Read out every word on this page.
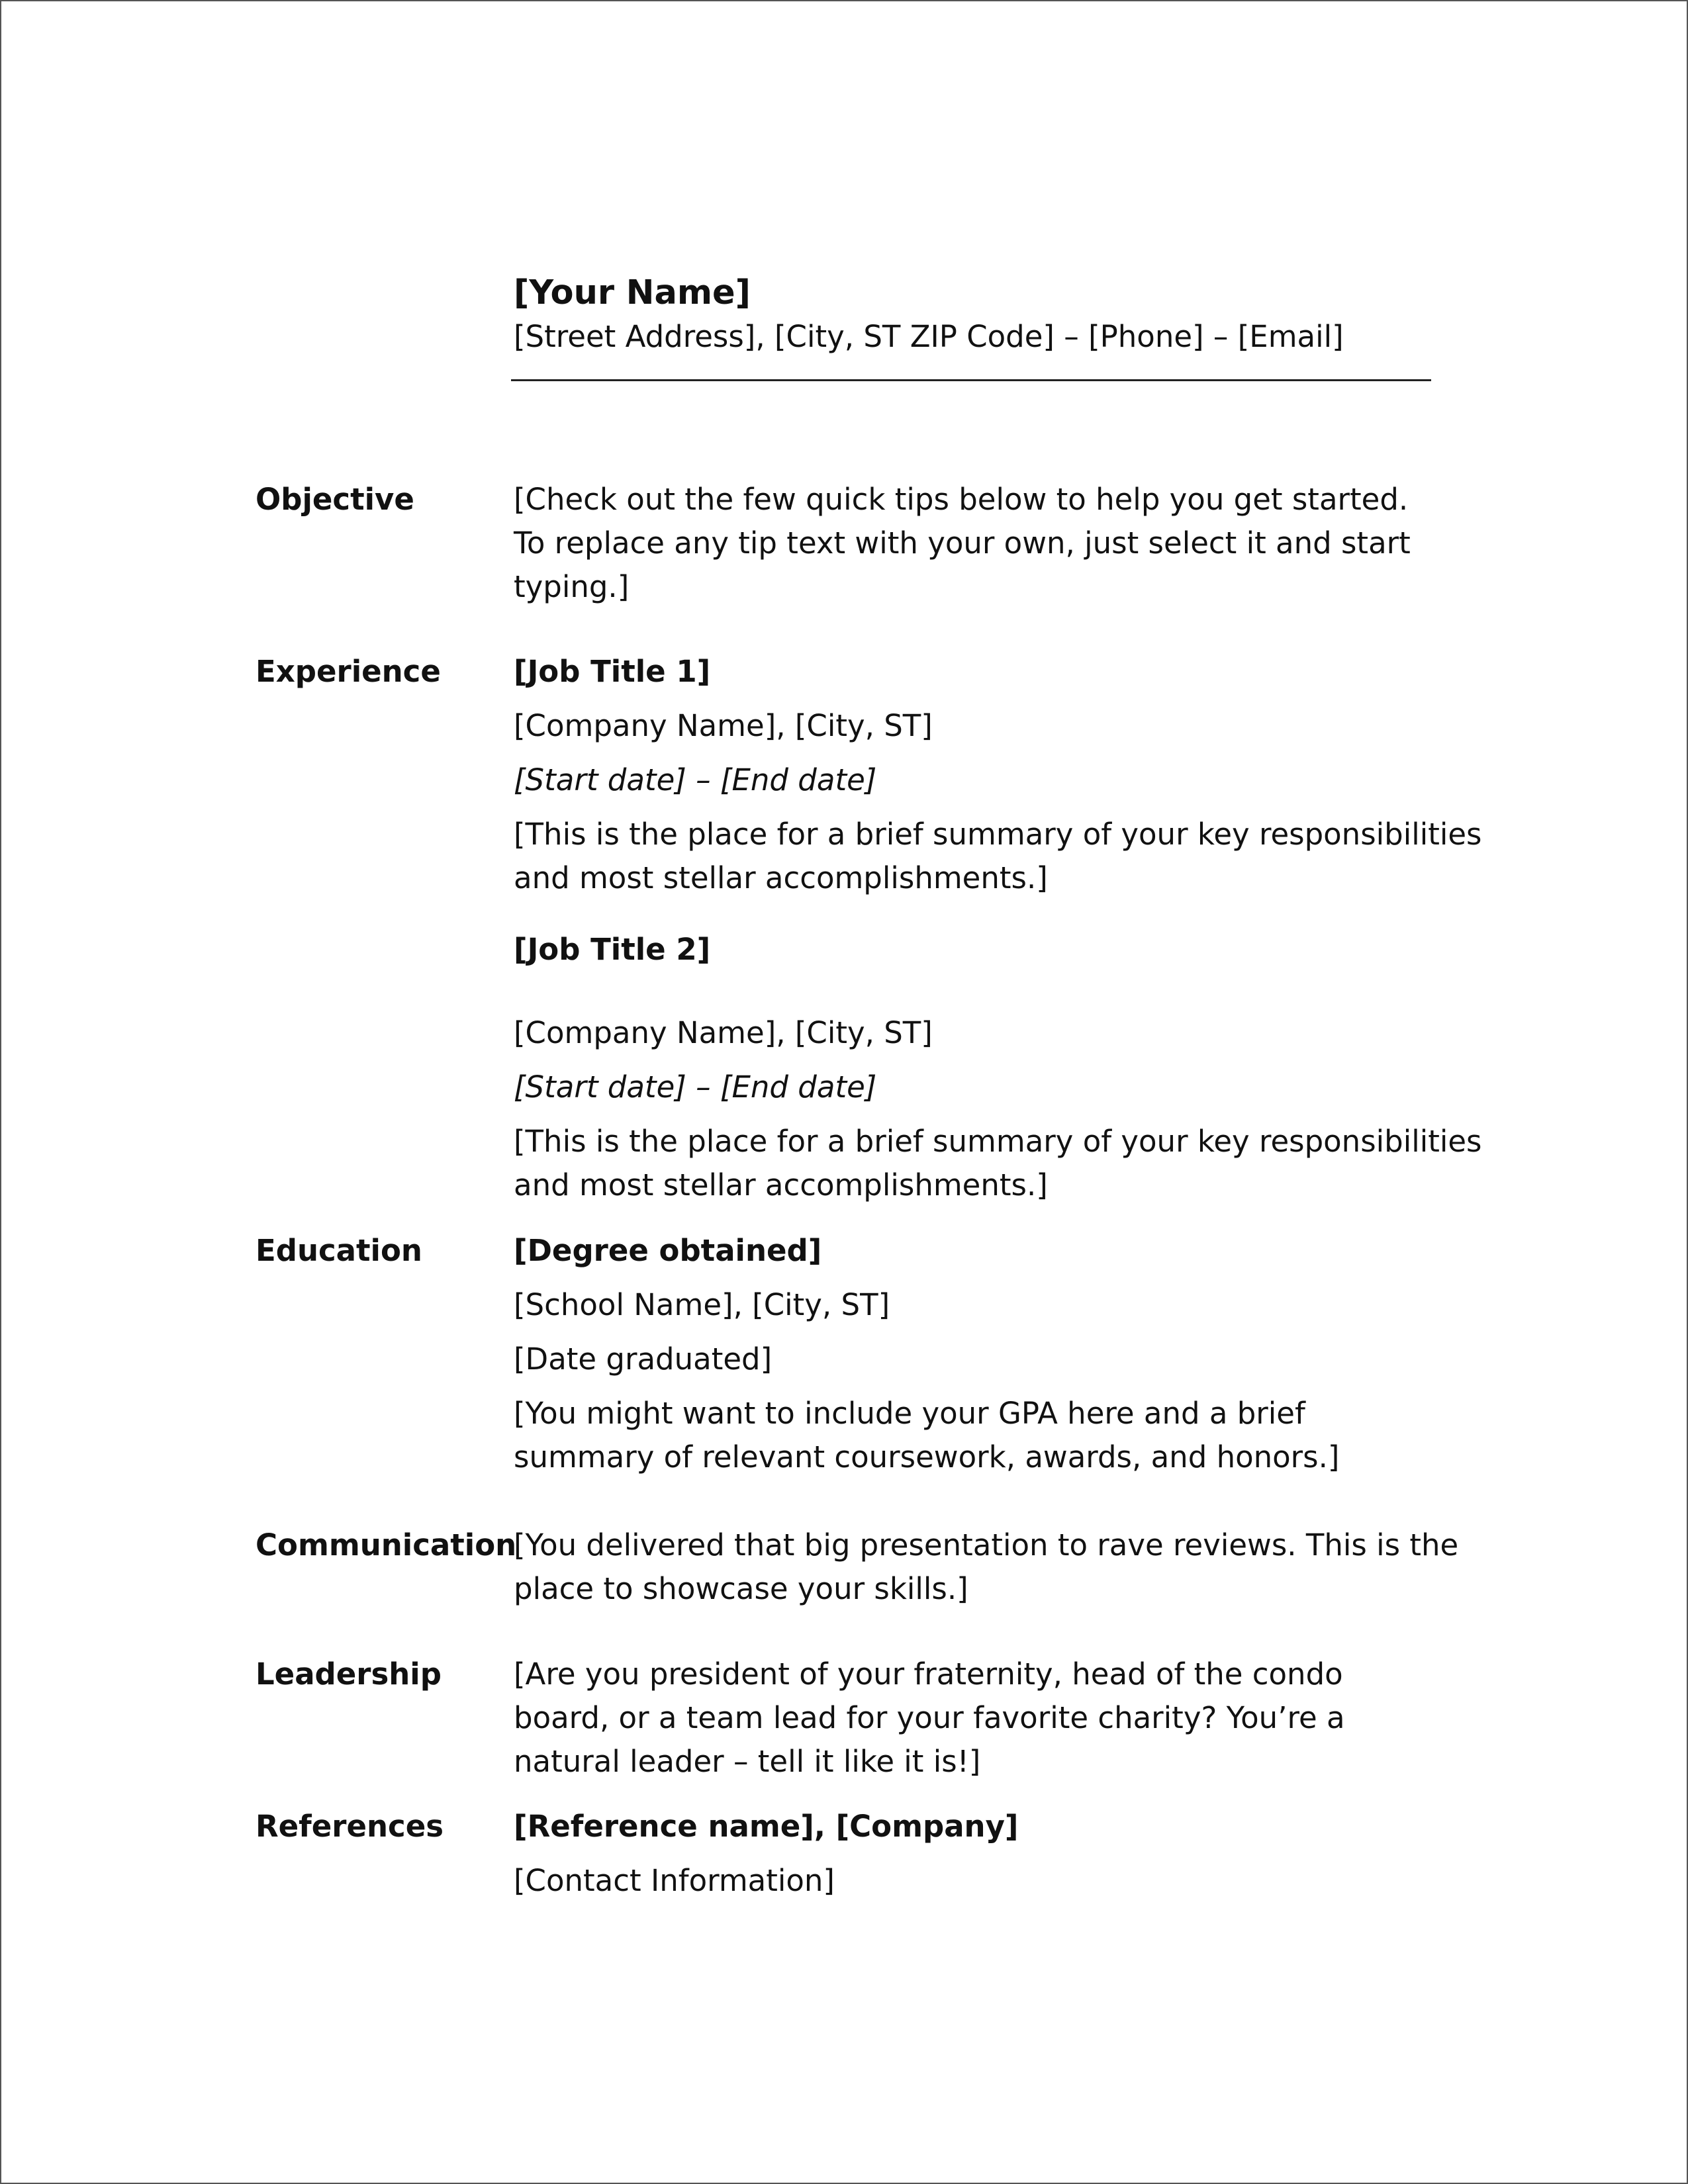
[Your Name]

[Street Address], [City, ST ZIP Code] – [Phone] – [Email]

Objective	[Check out the few quick tips below to help you get started.
To replace any tip text with your own, just select it and start
typing.]
Experience [Job Title 1]
[Company Name], [City, ST]
[Start date] – [End date]
[This is the place for a brief summary of your key responsibilities
and most stellar accomplishments.]
[Job Title 2]
[Company Name], [City, ST]
[Start date] – [End date]
[This is the place for a brief summary of your key responsibilities
and most stellar accomplishments.]
Education	[Degree obtained]
[School Name], [City, ST]
[Date graduated]
[You might want to include your GPA here and a brief
summary of relevant coursework, awards, and honors.]
Communication
[You delivered that big presentation to rave reviews. This is the
place to showcase your skills.]
Leadership [Are you president of your fraternity, head of the condo
board, or a team lead for your favorite charity? You’re a
natural leader – tell it like it is!]
References [Reference name], [Company]
[Contact Information]
